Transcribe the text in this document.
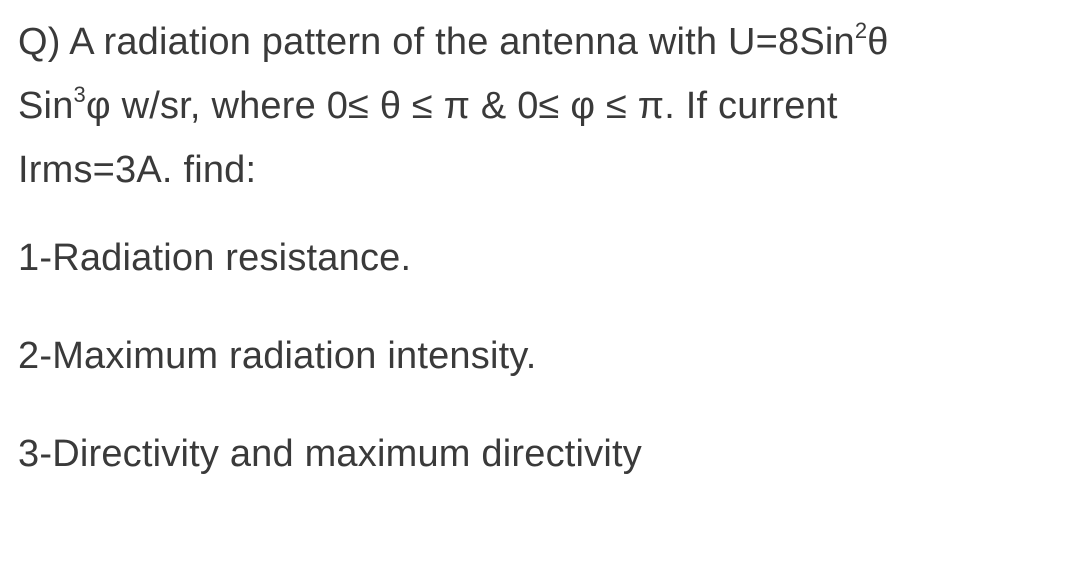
Q) A radiation pattern of the antenna with U=8Sin$^2$θ
Sin$^3$φ w/sr, where 0≤ θ ≤ π & 0≤ φ ≤ π. If current
Irms=3A. find:

1-Radiation resistance.

2-Maximum radiation intensity.

3-Directivity and maximum directivity
